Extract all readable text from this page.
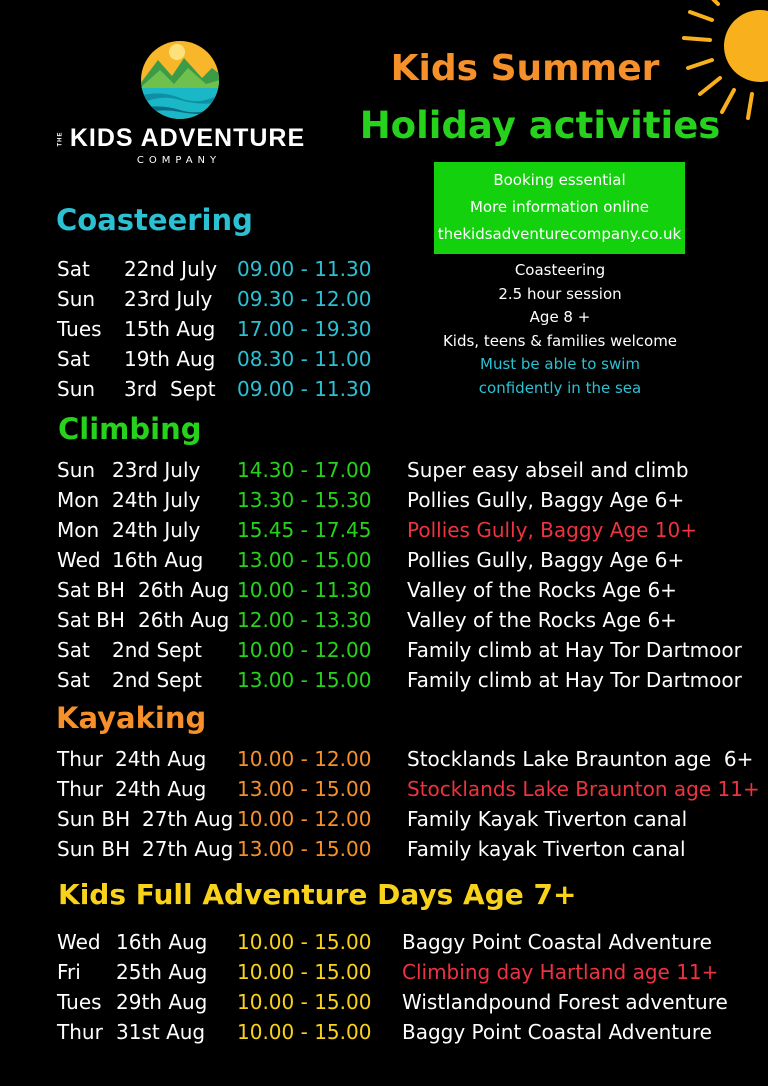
THE KIDS ADVENTURE
COMPANY
Kids Summer
Holiday activities
Booking essential
More information online
thekidsadventurecompany.co.uk
Coasteering
2.5 hour session
Age 8 +
Kids, teens & families welcome
Must be able to swim
confidently in the sea
Coasteering
Sat 22nd July 09.00 - 11.30
Sun 23rd July 09.30 - 12.00
Tues 15th Aug 17.00 - 19.30
Sat 19th Aug 08.30 - 11.00
Sun 3rd  Sept 09.00 - 11.30
Climbing
Sun 23rd July 14.30 - 17.00 Super easy abseil and climb
Mon 24th July 13.30 - 15.30 Pollies Gully, Baggy Age 6+
Mon 24th July 15.45 - 17.45 Pollies Gully, Baggy Age 10+
Wed 16th Aug 13.00 - 15.00 Pollies Gully, Baggy Age 6+
Sat BH 26th Aug 10.00 - 11.30 Valley of the Rocks Age 6+
Sat BH 26th Aug 12.00 - 13.30 Valley of the Rocks Age 6+
Sat 2nd Sept 10.00 - 12.00 Family climb at Hay Tor Dartmoor
Sat 2nd Sept 13.00 - 15.00 Family climb at Hay Tor Dartmoor
Kayaking
Thur 24th Aug 10.00 - 12.00 Stocklands Lake Braunton age  6+
Thur 24th Aug 13.00 - 15.00 Stocklands Lake Braunton age 11+
Sun BH 27th Aug 10.00 - 12.00 Family Kayak Tiverton canal
Sun BH 27th Aug 13.00 - 15.00 Family kayak Tiverton canal
Kids Full Adventure Days Age 7+
Wed 16th Aug 10.00 - 15.00 Baggy Point Coastal Adventure
Fri 25th Aug 10.00 - 15.00 Climbing day Hartland age 11+
Tues 29th Aug 10.00 - 15.00 Wistlandpound Forest adventure
Thur 31st Aug 10.00 - 15.00 Baggy Point Coastal Adventure
